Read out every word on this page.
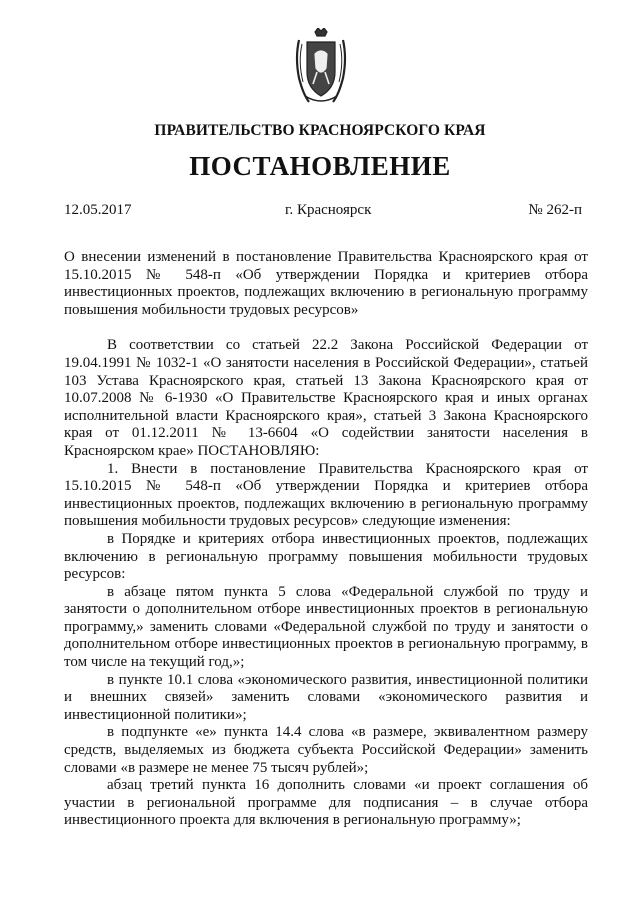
ПРАВИТЕЛЬСТВО КРАСНОЯРСКОГО КРАЯ
ПОСТАНОВЛЕНИЕ
12.05.2017	г. Красноярск	№ 262-п

О внесении изменений в постановление Правительства Красноярского края от 15.10.2015 № 548-п «Об утверждении Порядка и критериев отбора инвестиционных проектов, подлежащих включению в региональную программу повышения мобильности трудовых ресурсов»

В соответствии со статьей 22.2 Закона Российской Федерации от 19.04.1991 № 1032-1 «О занятости населения в Российской Федерации», статьей 103 Устава Красноярского края, статьей 13 Закона Красноярского края от 10.07.2008 № 6-1930 «О Правительстве Красноярского края и иных органах исполнительной власти Красноярского края», статьей 3 Закона Красноярского края от 01.12.2011 № 13-6604 «О содействии занятости населения в Красноярском крае» ПОСТАНОВЛЯЮ:

1. Внести в постановление Правительства Красноярского края от 15.10.2015 № 548-п «Об утверждении Порядка и критериев отбора инвестиционных проектов, подлежащих включению в региональную программу повышения мобильности трудовых ресурсов» следующие изменения:

в Порядке и критериях отбора инвестиционных проектов, подлежащих включению в региональную программу повышения мобильности трудовых ресурсов:

в абзаце пятом пункта 5 слова «Федеральной службой по труду и занятости о дополнительном отборе инвестиционных проектов в региональную программу,» заменить словами «Федеральной службой по труду и занятости о дополнительном отборе инвестиционных проектов в региональную программу, в том числе на текущий год,»;

в пункте 10.1 слова «экономического развития, инвестиционной политики и внешних связей» заменить словами «экономического развития и инвестиционной политики»;

в подпункте «е» пункта 14.4 слова «в размере, эквивалентном размеру средств, выделяемых из бюджета субъекта Российской Федерации» заменить словами «в размере не менее 75 тысяч рублей»;

абзац третий пункта 16 дополнить словами «и проект соглашения об участии в региональной программе для подписания – в случае отбора инвестиционного проекта для включения в региональную программу»;
